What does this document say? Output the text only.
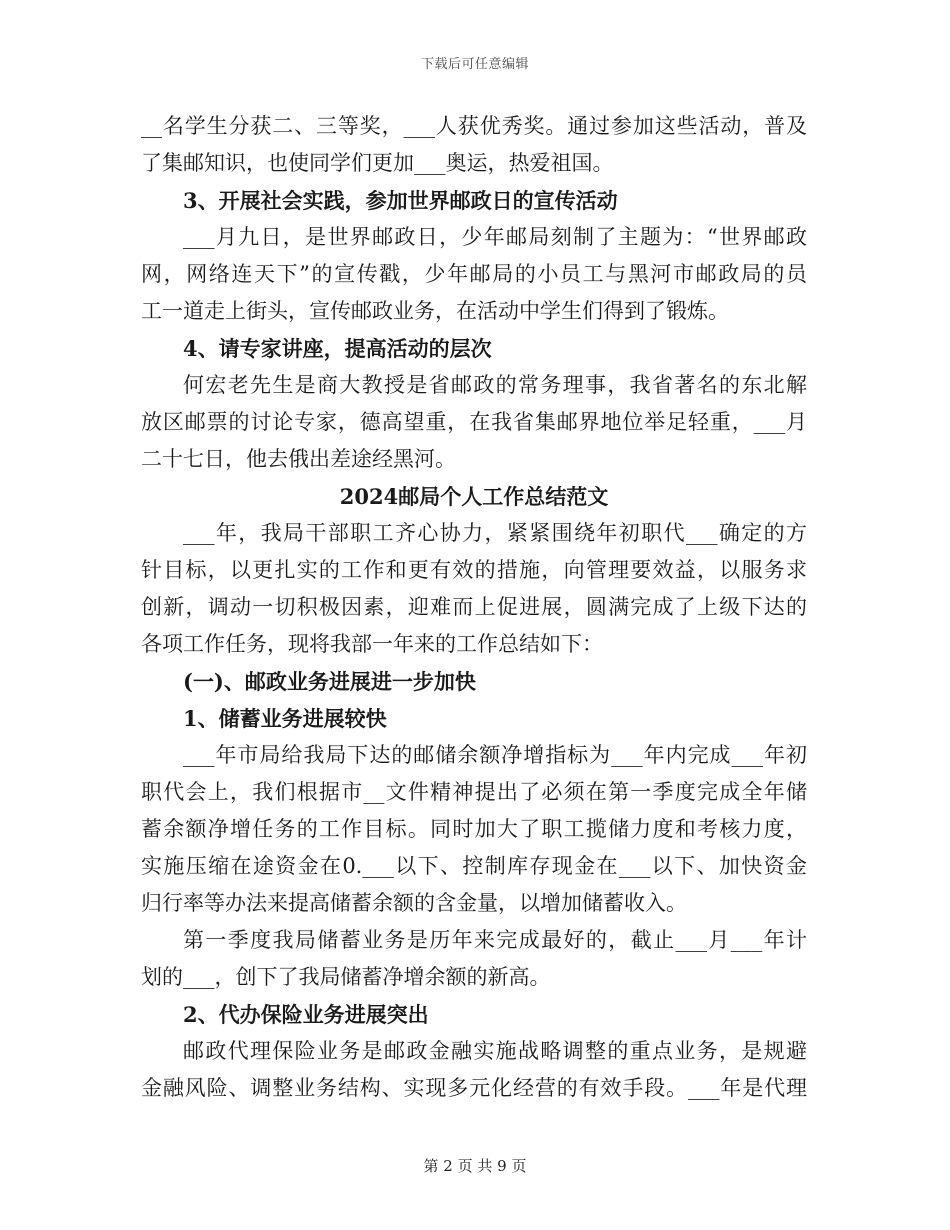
下载后可任意编辑
__名学生分获二、三等奖，___人获优秀奖。通过参加这些活动，普及
了集邮知识，也使同学们更加___奥运，热爱祖国。
3、开展社会实践，参加世界邮政日的宣传活动
___月九日，是世界邮政日，少年邮局刻制了主题为：“世界邮政
网，网络连天下”的宣传戳，少年邮局的小员工与黑河市邮政局的员
工一道走上街头，宣传邮政业务，在活动中学生们得到了锻炼。
4、请专家讲座，提高活动的层次
何宏老先生是商大教授是省邮政的常务理事，我省著名的东北解
放区邮票的讨论专家，德高望重，在我省集邮界地位举足轻重，___月
二十七日，他去俄出差途经黑河。
2024邮局个人工作总结范文
___年，我局干部职工齐心协力，紧紧围绕年初职代___确定的方
针目标，以更扎实的工作和更有效的措施，向管理要效益，以服务求
创新，调动一切积极因素，迎难而上促进展，圆满完成了上级下达的
各项工作任务，现将我部一年来的工作总结如下：
(一)、邮政业务进展进一步加快
1、储蓄业务进展较快
___年市局给我局下达的邮储余额净增指标为___年内完成___年初
职代会上，我们根据市__文件精神提出了必须在第一季度完成全年储
蓄余额净增任务的工作目标。同时加大了职工揽储力度和考核力度，
实施压缩在途资金在0.___以下、控制库存现金在___以下、加快资金
归行率等办法来提高储蓄余额的含金量，以增加储蓄收入。
第一季度我局储蓄业务是历年来完成最好的，截止___月___年计
划的___，创下了我局储蓄净增余额的新高。
2、代办保险业务进展突出
邮政代理保险业务是邮政金融实施战略调整的重点业务，是规避
金融风险、调整业务结构、实现多元化经营的有效手段。___年是代理
第 2 页 共 9 页
